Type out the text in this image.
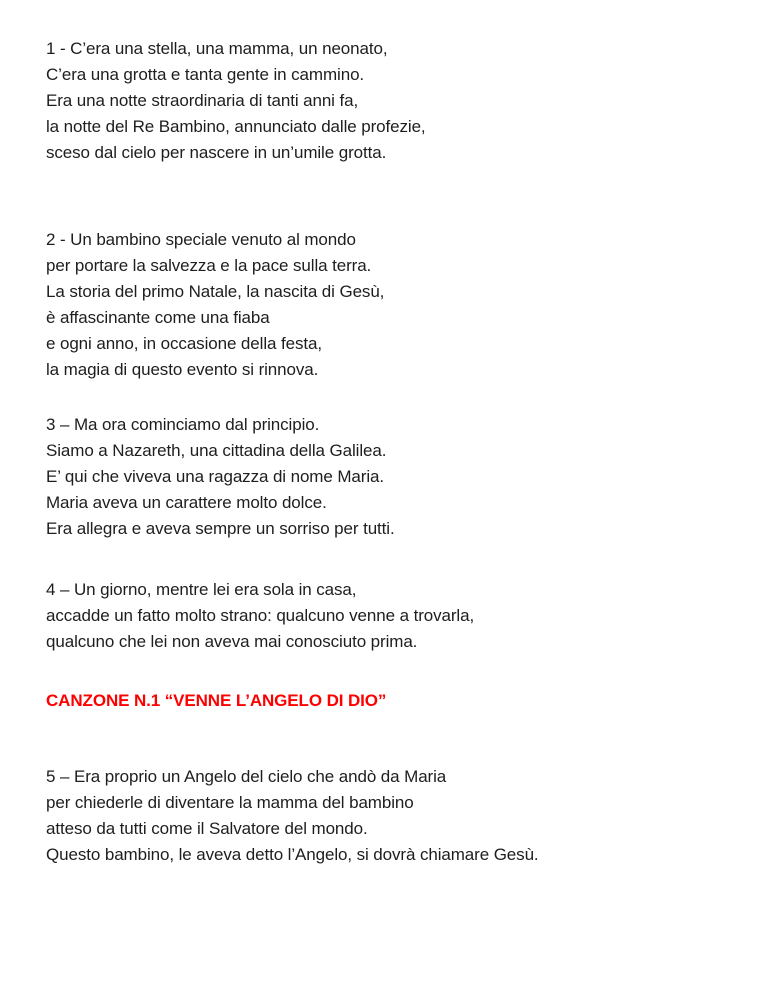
1 - C’era una stella, una mamma, un neonato,
C’era una grotta e tanta gente in cammino.
Era una notte straordinaria di tanti anni fa,
la notte del Re Bambino, annunciato dalle profezie,
sceso dal cielo per nascere in un’umile grotta.
2 - Un bambino speciale venuto al mondo
per portare la salvezza e la pace sulla terra.
La storia del primo Natale, la nascita di Gesù,
è affascinante come una fiaba
e ogni anno, in occasione della festa,
la magia di questo evento si rinnova.
3 – Ma ora cominciamo dal principio.
Siamo a Nazareth, una cittadina della Galilea.
E’ qui che viveva una ragazza di nome Maria.
Maria aveva un carattere molto dolce.
Era allegra e aveva sempre un sorriso per tutti.
4 – Un giorno, mentre lei era sola in casa,
accadde un fatto molto strano: qualcuno venne a trovarla,
qualcuno che lei non aveva mai conosciuto prima.
CANZONE N.1 “VENNE L’ANGELO DI DIO”
5 – Era proprio un Angelo del cielo che andò da Maria
per chiederle di diventare la mamma del bambino
atteso da tutti come il Salvatore del mondo.
Questo bambino, le aveva detto l’Angelo, si dovrà chiamare Gesù.
